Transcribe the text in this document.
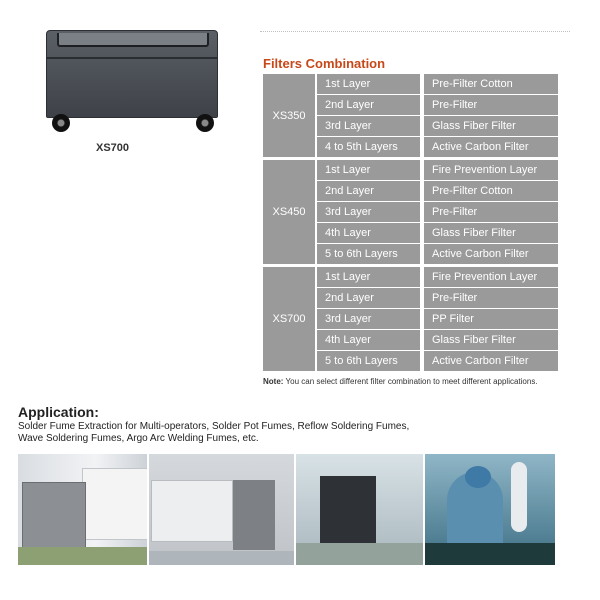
XS700
Filters Combination
XS350
1st Layer	Pre-Filter Cotton
2nd Layer	Pre-Filter
3rd Layer	Glass Fiber Filter
4 to 5th Layers	Active Carbon Filter
XS450
1st Layer	Fire Prevention Layer
2nd Layer	Pre-Filter Cotton
3rd Layer	Pre-Filter
4th Layer	Glass Fiber Filter
5 to 6th Layers	Active Carbon Filter
XS700
1st Layer	Fire Prevention Layer
2nd Layer	Pre-Filter
3rd Layer	PP Filter
4th Layer	Glass Fiber Filter
5 to 6th Layers	Active Carbon Filter
Note: You can select different filter combination to meet different applications.
Application:
Solder Fume Extraction for Multi-operators, Solder Pot Fumes, Reflow Soldering Fumes,
Wave Soldering Fumes, Argo Arc Welding Fumes, etc.
